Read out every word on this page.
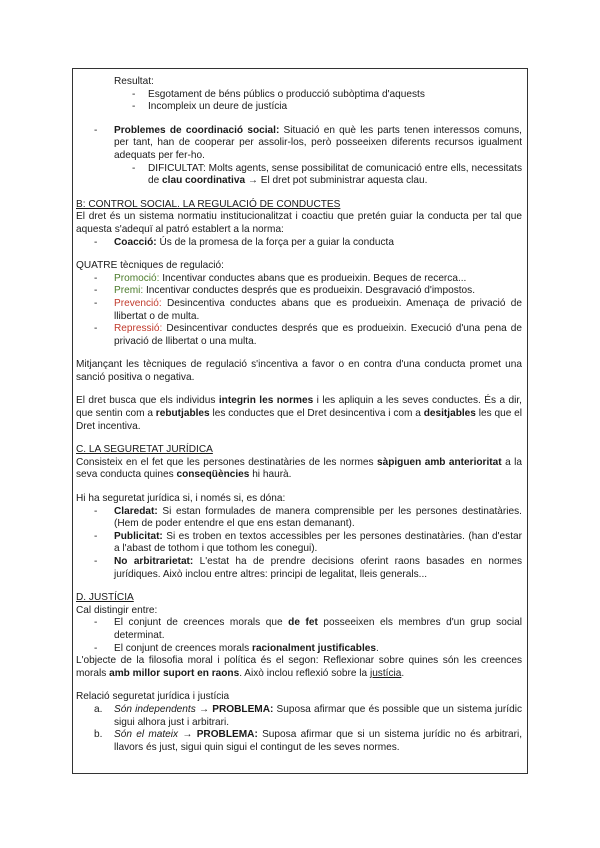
Resultat:

- Esgotament de béns públics o producció subòptima d'aquests
- Incompleix un deure de justícia
- Problemes de coordinació social: Situació en què les parts tenen interessos comuns, per tant, han de cooperar per assolir-los, però posseeixen diferents recursos igualment adequats per fer-ho.
- DIFICULTAT: Molts agents, sense possibilitat de comunicació entre ells, necessitats de clau coordinativa → El dret pot subministrar aquesta clau.

B: CONTROL SOCIAL. LA REGULACIÓ DE CONDUCTES

El dret és un sistema normatiu institucionalitzat i coactiu que pretén guiar la conducta per tal que aquesta s'adequï al patró establert a la norma:

- Coacció: Ús de la promesa de la força per a guiar la conducta

QUATRE tècniques de regulació:

- Promoció: Incentivar conductes abans que es produeixin. Beques de recerca...
- Premi: Incentivar conductes després que es produeixin. Desgravació d'impostos.
- Prevenció: Desincentiva conductes abans que es produeixin. Amenaça de privació de llibertat o de multa.
- Repressió: Desincentivar conductes després que es produeixin. Execució d'una pena de privació de llibertat o una multa.

Mitjançant les tècniques de regulació s'incentiva a favor o en contra d'una conducta promet una sanció positiva o negativa.

El dret busca que els individus integrin les normes i les apliquin a les seves conductes. És a dir, que sentin com a rebutjables les conductes que el Dret desincentiva i com a desitjables les que el Dret incentiva.

C. LA SEGURETAT JURÍDICA

Consisteix en el fet que les persones destinatàries de les normes sàpiguen amb anterioritat a la seva conducta quines conseqüències hi haurà.

Hi ha seguretat jurídica si, i només si, es dóna:

- Claredat: Si estan formulades de manera comprensible per les persones destinatàries. (Hem de poder entendre el que ens estan demanant).
- Publicitat: Si es troben en textos accessibles per les persones destinatàries. (han d'estar a l'abast de tothom i que tothom les conegui).
- No arbitrarietat: L'estat ha de prendre decisions oferint raons basades en normes jurídiques. Això inclou entre altres: principi de legalitat, lleis generals...

D. JUSTÍCIA

Cal distingir entre:

- El conjunt de creences morals que de fet posseeixen els membres d'un grup social determinat.
- El conjunt de creences morals racionalment justificables.

L'objecte de la filosofia moral i política és el segon: Reflexionar sobre quines són les creences morals amb millor suport en raons. Això inclou reflexió sobre la justícia.

Relació seguretat jurídica i justícia

a. Són independents → PROBLEMA: Suposa afirmar que és possible que un sistema jurídic sigui alhora just i arbitrari.
b. Són el mateix → PROBLEMA: Suposa afirmar que si un sistema jurídic no és arbitrari, llavors és just, sigui quin sigui el contingut de les seves normes.
